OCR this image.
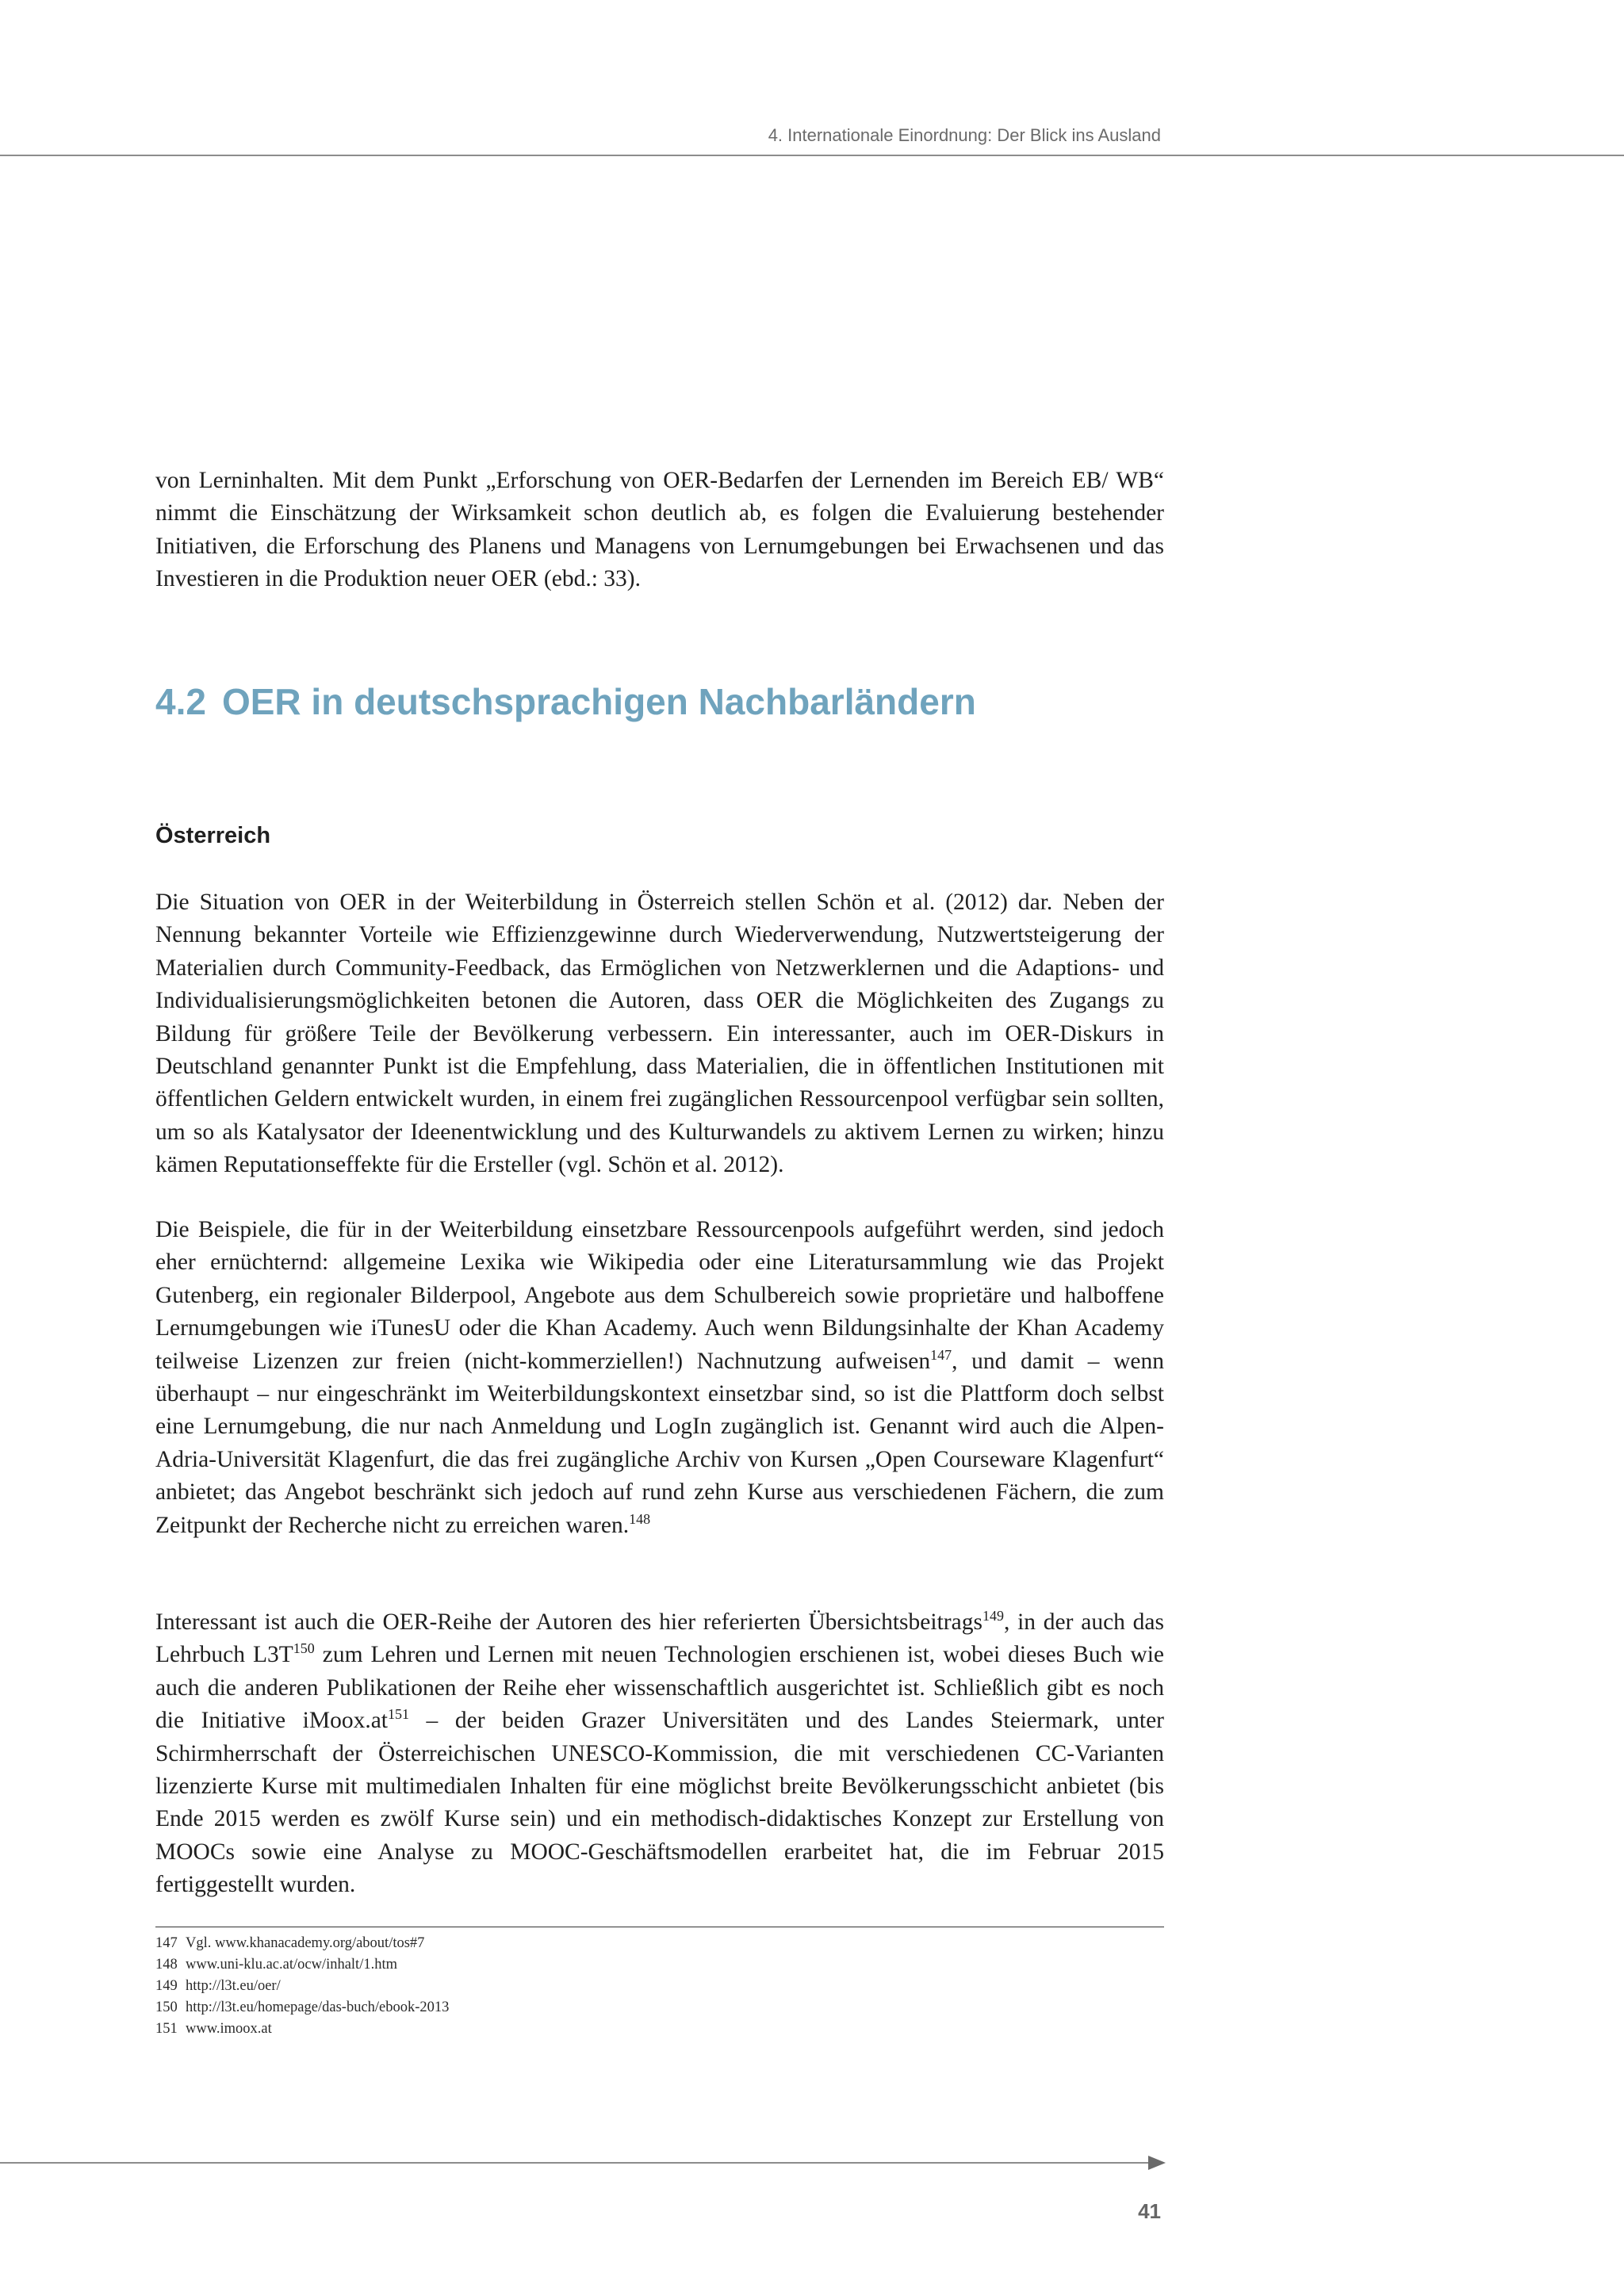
4. Internationale Einordnung: Der Blick ins Ausland

von Lerninhalten. Mit dem Punkt „Erforschung von OER-Bedarfen der Lernenden im Bereich EB/ WB“ nimmt die Einschätzung der Wirksamkeit schon deutlich ab, es folgen die Evaluierung bestehender Initiativen, die Erforschung des Planens und Managens von Lernumgebungen bei Erwachsenen und das Investieren in die Produktion neuer OER (ebd.: 33).

4.2 OER in deutschsprachigen Nachbarländern
Österreich

Die Situation von OER in der Weiterbildung in Österreich stellen Schön et al. (2012) dar. Neben der Nennung bekannter Vorteile wie Effizienzgewinne durch Wiederverwendung, Nutzwertsteigerung der Materialien durch Community-Feedback, das Ermöglichen von Netzwerklernen und die Adaptions- und Individualisierungsmöglichkeiten betonen die Autoren, dass OER die Möglichkeiten des Zugangs zu Bildung für größere Teile der Bevölkerung verbessern. Ein interessanter, auch im OER-Diskurs in Deutschland genannter Punkt ist die Empfehlung, dass Materialien, die in öffentlichen Institutionen mit öffentlichen Geldern entwickelt wurden, in einem frei zugänglichen Ressourcenpool verfügbar sein sollten, um so als Katalysator der Ideenentwicklung und des Kulturwandels zu aktivem Lernen zu wirken; hinzu kämen Reputationseffekte für die Ersteller (vgl. Schön et al. 2012).

Die Beispiele, die für in der Weiterbildung einsetzbare Ressourcenpools aufgeführt werden, sind jedoch eher ernüchternd: allgemeine Lexika wie Wikipedia oder eine Literatursammlung wie das Projekt Gutenberg, ein regionaler Bilderpool, Angebote aus dem Schulbereich sowie proprietäre und halboffene Lernumgebungen wie iTunesU oder die Khan Academy. Auch wenn Bildungsinhalte der Khan Academy teilweise Lizenzen zur freien (nicht-kommerziellen!) Nachnutzung aufweisen$^{147}$, und damit – wenn überhaupt – nur eingeschränkt im Weiterbildungskontext einsetzbar sind, so ist die Plattform doch selbst eine Lernumgebung, die nur nach Anmeldung und LogIn zugänglich ist. Genannt wird auch die Alpen-Adria-Universität Klagenfurt, die das frei zugängliche Archiv von Kursen „Open Courseware Klagenfurt“ anbietet; das Angebot beschränkt sich jedoch auf rund zehn Kurse aus verschiedenen Fächern, die zum Zeitpunkt der Recherche nicht zu erreichen waren.$^{148}$

Interessant ist auch die OER-Reihe der Autoren des hier referierten Übersichtsbeitrags$^{149}$, in der auch das Lehrbuch $L3T^{150}$ zum Lehren und Lernen mit neuen Technologien erschienen ist, wobei dieses Buch wie auch die anderen Publikationen der Reihe eher wissenschaftlich ausgerichtet ist. Schließlich gibt es noch die Initiative $iMoox.at^{151}$ – der beiden Grazer Universitäten und des Landes Steiermark, unter Schirmherrschaft der Österreichischen UNESCO-Kommission, die mit verschiedenen CC-Varianten lizenzierte Kurse mit multimedialen Inhalten für eine möglichst breite Bevölkerungsschicht anbietet (bis Ende 2015 werden es zwölf Kurse sein) und ein methodisch-didaktisches Konzept zur Erstellung von MOOCs sowie eine Analyse zu MOOC-Geschäftsmodellen erarbeitet hat, die im Februar 2015 fertiggestellt wurden.

147 Vgl. www.khanacademy.org/about/tos#7
148 www.uni-klu.ac.at/ocw/inhalt/1.htm
149 http://l3t.eu/oer/
150 http://l3t.eu/homepage/das-buch/ebook-2013
151 www.imoox.at
41
